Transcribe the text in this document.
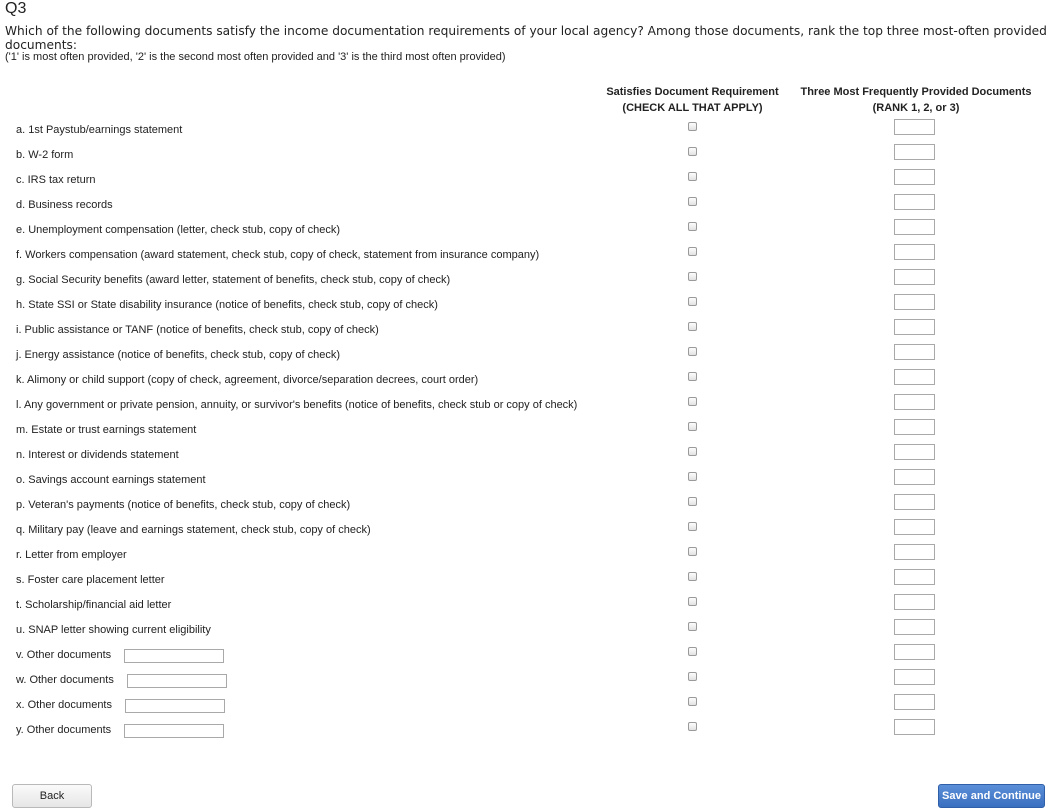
Q3
Which of the following documents satisfy the income documentation requirements of your local agency? Among those documents, rank the top three most-often provided documents:
('1' is most often provided, '2' is the second most often provided and '3' is the third most often provided)
Satisfies Document Requirement
(CHECK ALL THAT APPLY)
Three Most Frequently Provided Documents
(RANK 1, 2, or 3)
a. 1st Paystub/earnings statement
b. W-2 form
c. IRS tax return
d. Business records
e. Unemployment compensation (letter, check stub, copy of check)
f. Workers compensation (award statement, check stub, copy of check, statement from insurance company)
g. Social Security benefits (award letter, statement of benefits, check stub, copy of check)
h. State SSI or State disability insurance (notice of benefits, check stub, copy of check)
i. Public assistance or TANF (notice of benefits, check stub, copy of check)
j. Energy assistance (notice of benefits, check stub, copy of check)
k. Alimony or child support (copy of check, agreement, divorce/separation decrees, court order)
l. Any government or private pension, annuity, or survivor's benefits (notice of benefits, check stub or copy of check)
m. Estate or trust earnings statement
n. Interest or dividends statement
o. Savings account earnings statement
p. Veteran's payments (notice of benefits, check stub, copy of check)
q. Military pay (leave and earnings statement, check stub, copy of check)
r. Letter from employer
s. Foster care placement letter
t. Scholarship/financial aid letter
u. SNAP letter showing current eligibility
v. Other documents
w. Other documents
x. Other documents
y. Other documents
Back	Save and Continue
